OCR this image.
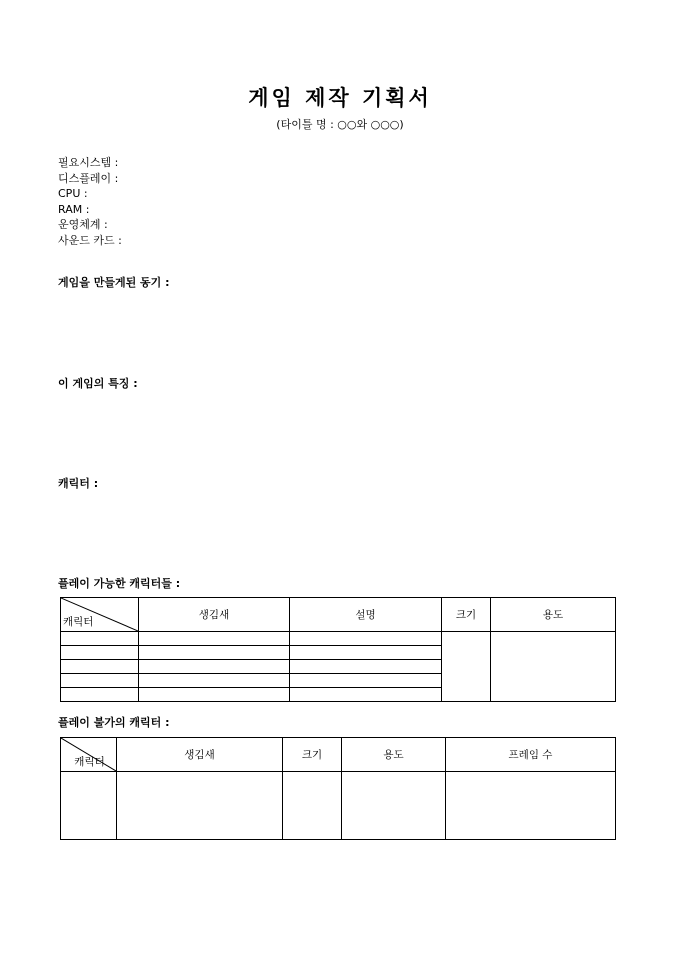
게임 제작 기획서
(타이틀 명 : ○○와 ○○○)
필요시스템 :
디스플레이 :
CPU :
RAM :
운영체계 :
사운드 카드 :
게임을 만들게된 동기 :
이 게임의 특징 :
캐릭터 :
플레이 가능한 캐릭터들 :
캐릭터	생김새	설명	크기	용도

플레이 불가의 캐릭터 :
캐릭터	생김새	크기	용도	프레임 수
